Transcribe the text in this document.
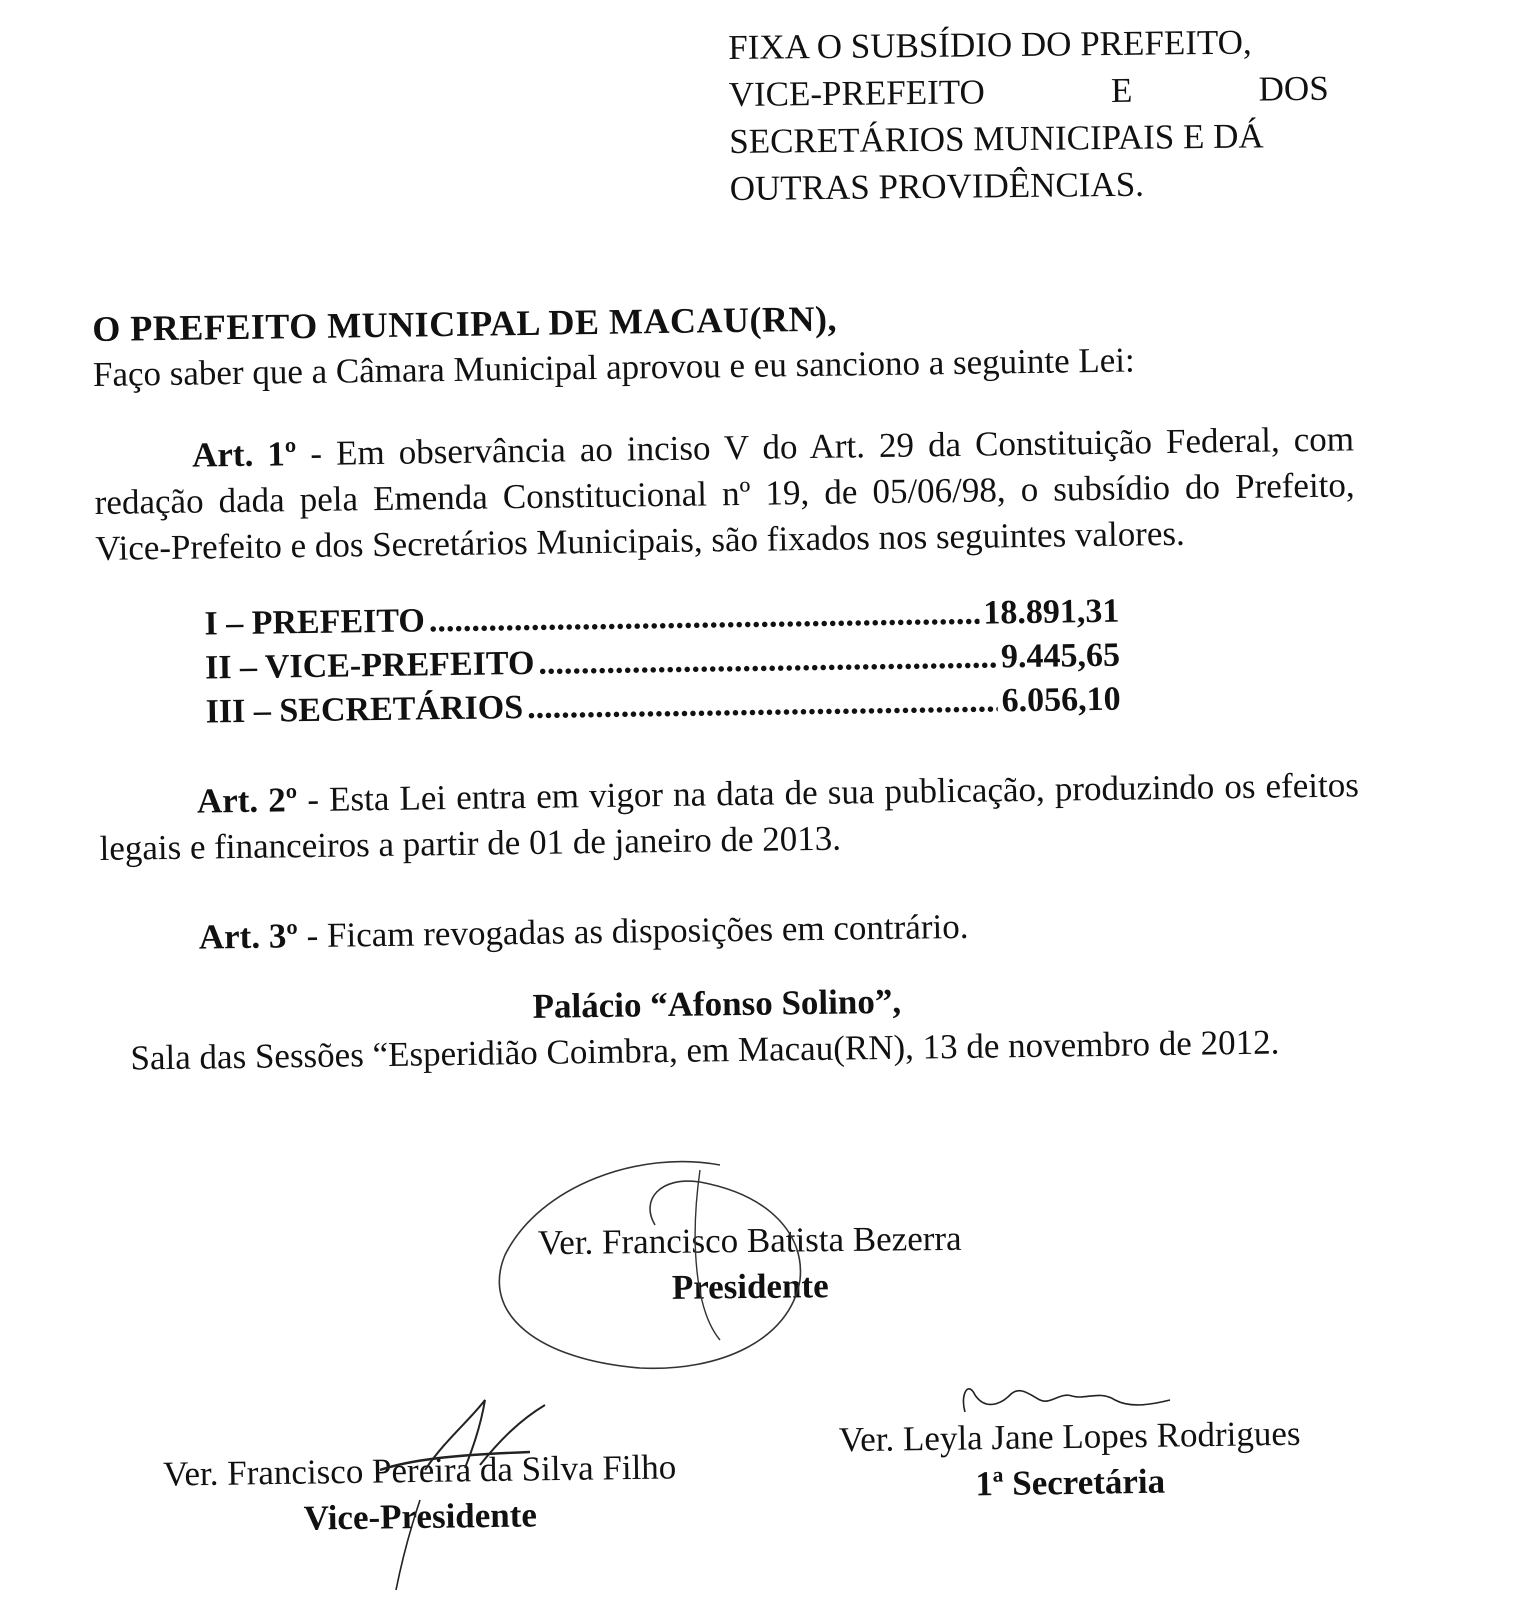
FIXA O SUBSÍDIO DO PREFEITO,
VICE-PREFEITO	E	DOS
SECRETÁRIOS MUNICIPAIS E DÁ
OUTRAS PROVIDÊNCIAS.
O PREFEITO MUNICIPAL DE MACAU(RN),
Faço saber que a Câmara Municipal aprovou e eu sanciono a seguinte Lei:
Art. 1º - Em observância ao inciso V do Art. 29 da Constituição Federal, com redação dada pela Emenda Constitucional nº 19, de 05/06/98, o subsídio do Prefeito, Vice-Prefeito e dos Secretários Municipais, são fixados nos seguintes valores.
I – PREFEITO .....	18.891,31
II – VICE-PREFEITO .....	9.445,65
III – SECRETÁRIOS .....	6.056,10
Art. 2º - Esta Lei entra em vigor na data de sua publicação, produzindo os efeitos legais e financeiros a partir de 01 de janeiro de 2013.
Art. 3º - Ficam revogadas as disposições em contrário.
Palácio “Afonso Solino”,
Sala das Sessões “Esperidião Coimbra, em Macau(RN), 13 de novembro de 2012.
Ver. Francisco Batista Bezerra
Presidente
Ver. Francisco Pereira da Silva Filho
Vice-Presidente
Ver. Leyla Jane Lopes Rodrigues
1ª Secretária
